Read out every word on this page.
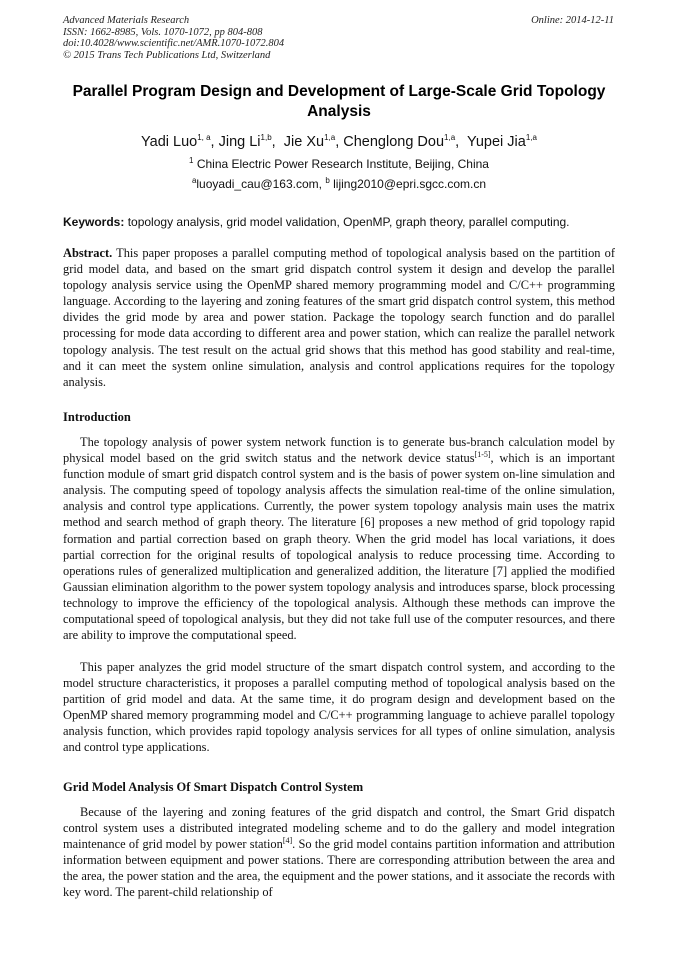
Advanced Materials Research
ISSN: 1662-8985, Vols. 1070-1072, pp 804-808
doi:10.4028/www.scientific.net/AMR.1070-1072.804
© 2015 Trans Tech Publications Ltd, Switzerland
Online: 2014-12-11
Parallel Program Design and Development of Large-Scale Grid Topology Analysis
Yadi Luo$^{1, a}$, Jing Li$^{1,b}$,  Jie Xu$^{1,a}$, Chenglong Dou$^{1,a}$,  Yupei Jia$^{1,a}$
$^1$ China Electric Power Research Institute, Beijing, China
$^a$luoyadi_cau@163.com, $^b$ lijing2010@epri.sgcc.com.cn
Keywords: topology analysis, grid model validation, OpenMP, graph theory, parallel computing.
Abstract. This paper proposes a parallel computing method of topological analysis based on the partition of grid model data, and based on the smart grid dispatch control system it design and develop the parallel topology analysis service using the OpenMP shared memory programming model and C/C++ programming language. According to the layering and zoning features of the smart grid dispatch control system, this method divides the grid mode by area and power station. Package the topology search function and do parallel processing for mode data according to different area and power station, which can realize the parallel network topology analysis. The test result on the actual grid shows that this method has good stability and real-time, and it can meet the system online simulation, analysis and control applications requires for the topology analysis.
Introduction
The topology analysis of power system network function is to generate bus-branch calculation model by physical model based on the grid switch status and the network device status[1-5], which is an important function module of smart grid dispatch control system and is the basis of power system on-line simulation and analysis. The computing speed of topology analysis affects the simulation real-time of the online simulation, analysis and control type applications. Currently, the power system topology analysis main uses the matrix method and search method of graph theory. The literature [6] proposes a new method of grid topology rapid formation and partial correction based on graph theory. When the grid model has local variations, it does partial correction for the original results of topological analysis to reduce processing time. According to operations rules of generalized multiplication and generalized addition, the literature [7] applied the modified Gaussian elimination algorithm to the power system topology analysis and introduces sparse, block processing technology to improve the efficiency of the topological analysis. Although these methods can improve the computational speed of topological analysis, but they did not take full use of the computer resources, and there are ability to improve the computational speed.
This paper analyzes the grid model structure of the smart dispatch control system, and according to the model structure characteristics, it proposes a parallel computing method of topological analysis based on the partition of grid model and data. At the same time, it do program design and development based on the OpenMP shared memory programming model and C/C++ programming language to achieve parallel topology analysis function, which provides rapid topology analysis services for all types of online simulation, analysis and control type applications.
Grid Model Analysis Of Smart Dispatch Control System
Because of the layering and zoning features of the grid dispatch and control, the Smart Grid dispatch control system uses a distributed integrated modeling scheme and to do the gallery and model integration maintenance of grid model by power station[4]. So the grid model contains partition information and attribution information between equipment and power stations. There are corresponding attribution between the area and the area, the power station and the area, the equipment and the power stations, and it associate the records with key word. The parent-child relationship of
